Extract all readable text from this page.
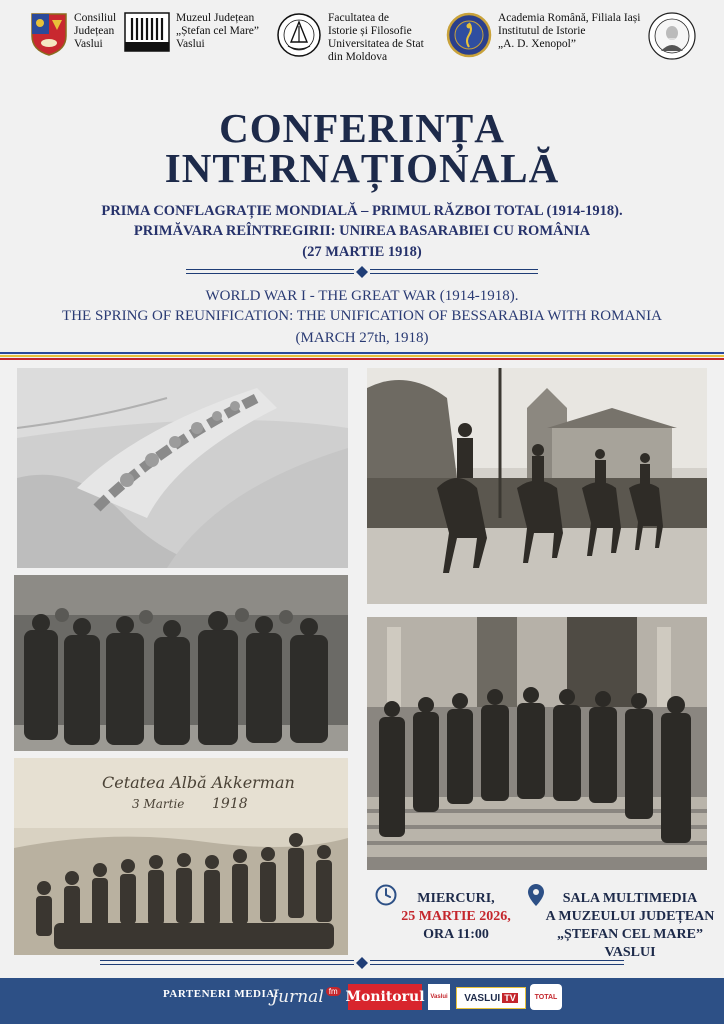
Consiliul
Județean
Vaslui
Muzeul Județean
„Ștefan cel Mare”
Vaslui
Facultatea de
Istorie și Filosofie
Universitatea de Stat
din Moldova
Academia Română, Filiala Iași
Institutul de Istorie
„A. D. Xenopol”
CONFERINȚA
INTERNAȚIONALĂ
PRIMA CONFLAGRAȚIE MONDIALĂ – PRIMUL RĂZBOI TOTAL (1914-1918).
PRIMĂVARA REÎNTREGIRII: UNIREA BASARABIEI CU ROMÂNIA
(27 MARTIE 1918)
WORLD WAR I - THE GREAT WAR (1914-1918).
THE SPRING OF REUNIFICATION: THE UNIFICATION OF BESSARABIA WITH ROMANIA
(MARCH 27th, 1918)
Cetatea Albă Akkerman
3 Martie 1918
MIERCURI,
25 MARTIE 2026,
ORA 11:00
SALA MULTIMEDIA
A MUZEULUI JUDEȚEAN
„ȘTEFAN CEL MARE” VASLUI
PARTENERI MEDIA:
Jurnal fm Monitorul Vaslui VASLUI TV	TOTAL
